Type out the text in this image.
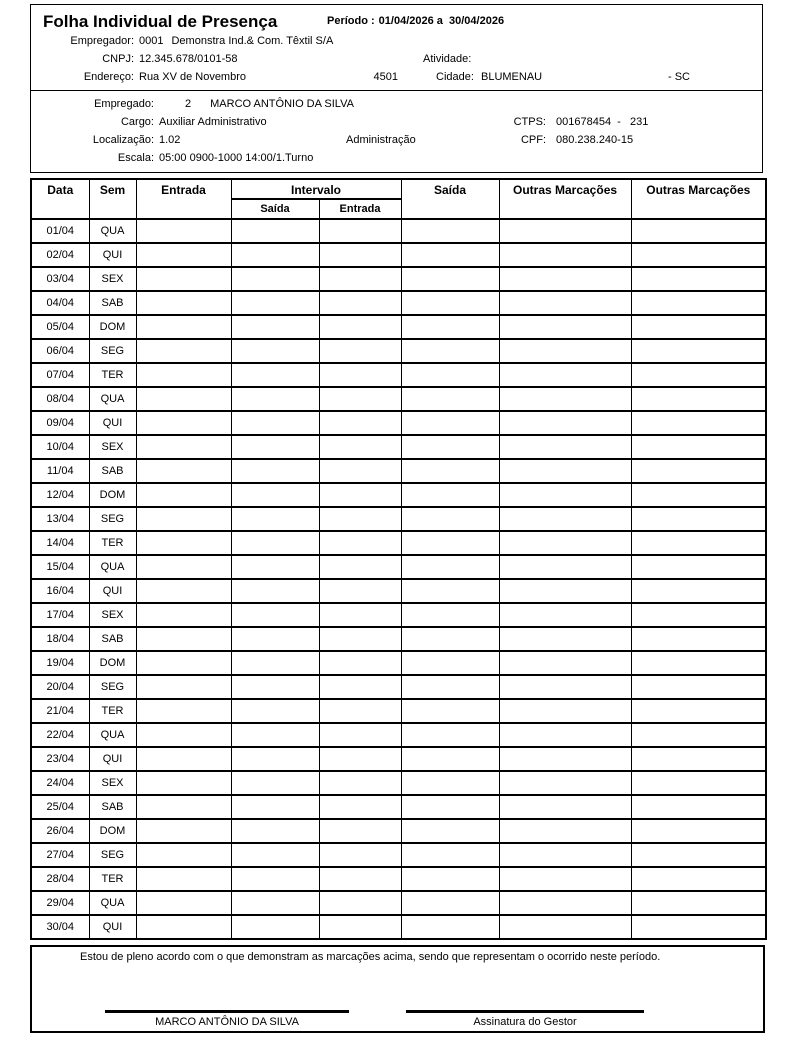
Folha Individual de Presença	Período : 01/04/2026 a  30/04/2026
Empregador: 0001 Demonstra Ind.& Com. Têxtil S/A
CNPJ: 12.345.678/0101-58	Atividade:
Endereço: Rua XV de Novembro	4501	Cidade: BLUMENAU	- SC
Empregado:	2 MARCO ANTÔNIO DA SILVA
Cargo: Auxiliar Administrativo	CTPS: 001678454  -   231
Localização: 1.02	Administração	CPF: 080.238.240-15
Escala: 05:00 0900-1000 14:00/1.Turno
Data	Sem	Entrada	Intervalo		Saída	Outras Marcações	Outras Marcações
			Saída	Entrada			
01/04	QUA						
02/04	QUI						
03/04	SEX						
04/04	SAB						
05/04	DOM						
06/04	SEG						
07/04	TER						
08/04	QUA						
09/04	QUI						
10/04	SEX						
11/04	SAB						
12/04	DOM						
13/04	SEG						
14/04	TER						
15/04	QUA						
16/04	QUI						
17/04	SEX						
18/04	SAB						
19/04	DOM						
20/04	SEG						
21/04	TER						
22/04	QUA						
23/04	QUI						
24/04	SEX						
25/04	SAB						
26/04	DOM						
27/04	SEG						
28/04	TER						
29/04	QUA						
30/04	QUI						
Estou de pleno acordo com o que demonstram as marcações acima, sendo que representam o ocorrido neste período.
MARCO ANTÔNIO DA SILVA	Assinatura do Gestor
